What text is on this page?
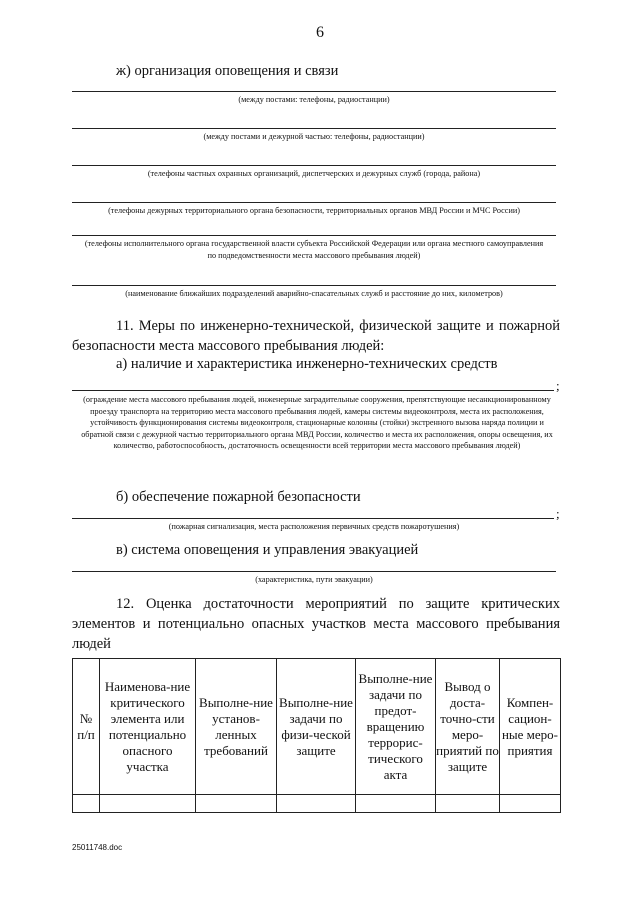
6
ж) организация оповещения и связи
(между постами: телефоны, радиостанции)
(между постами и дежурной частью: телефоны, радиостанции)
(телефоны частных охранных организаций, диспетчерских и дежурных служб (города, района)
(телефоны дежурных территориального органа безопасности, территориальных органов МВД России и МЧС России)
(телефоны исполнительного органа государственной власти субъекта Российской Федерации или органа местного самоуправления по подведомственности места массового пребывания людей)
(наименование ближайших подразделений аварийно-спасательных служб и расстояние до них, километров)
11. Меры по инженерно-технической, физической защите и пожарной безопасности места массового пребывания людей:
а) наличие и характеристика инженерно-технических средств
;
(ограждение места массового пребывания людей, инженерные заградительные сооружения, препятствующие несанкционированному проезду транспорта на территорию места массового пребывания людей, камеры системы видеоконтроля, места их расположения, устойчивость функционирования системы видеоконтроля, стационарные колонны (стойки) экстренного вызова наряда полиции и обратной связи с дежурной частью территориального органа МВД России, количество и места их расположения, опоры освещения, их количество, работоспособность, достаточность освещенности всей территории места массового пребывания людей)
б) обеспечение пожарной безопасности
;
(пожарная сигнализация, места расположения первичных средств пожаротушения)
в) система оповещения и управления эвакуацией
(характеристика, пути эвакуации)
12. Оценка достаточности мероприятий по защите критических элементов и потенциально опасных участков места массового пребывания людей
№ п/п	Наименова-ние критического элемента или потенциально опасного участка	Выполне-ние установ-ленных требований	Выполне-ние задачи по физи-ческой защите	Выполне-ние задачи по предот-вращению террорис-тического акта	Вывод о доста-точно-сти меро-приятий по защите	Компен-сацион-ные меро-приятия

25011748.doc
